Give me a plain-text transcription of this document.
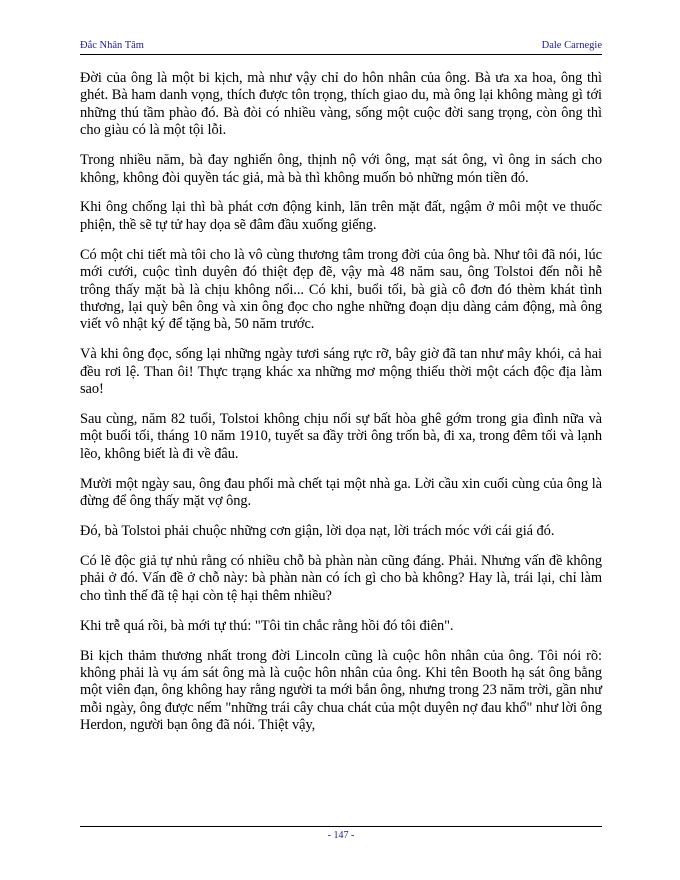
Đắc Nhân Tâm	Dale Carnegie

Đời của ông là một bi kịch, mà như vậy chỉ do hôn nhân của ông. Bà ưa xa hoa, ông thì ghét. Bà ham danh vọng, thích được tôn trọng, thích giao du, mà ông lại không màng gì tới những thú tầm phào đó. Bà đòi có nhiều vàng, sống một cuộc đời sang trọng, còn ông thì cho giàu có là một tội lỗi.

Trong nhiều năm, bà đay nghiến ông, thịnh nộ với ông, mạt sát ông, vì ông in sách cho không, không đòi quyền tác giả, mà bà thì không muốn bỏ những món tiền đó.

Khi ông chống lại thì bà phát cơn động kinh, lăn trên mặt đất, ngậm ở môi một ve thuốc phiện, thề sẽ tự tử hay dọa sẽ đâm đầu xuống giếng.

Có một chi tiết mà tôi cho là vô cùng thương tâm trong đời của ông bà. Như tôi đã nói, lúc mới cưới, cuộc tình duyên đó thiệt đẹp đẽ, vậy mà 48 năm sau, ông Tolstoi đến nỗi hễ trông thấy mặt bà là chịu không nổi... Có khi, buổi tối, bà già cô đơn đó thèm khát tình thương, lại quỳ bên ông và xin ông đọc cho nghe những đoạn dịu dàng cảm động, mà ông viết vô nhật ký để tặng bà, 50 năm trước.

Và khi ông đọc, sống lại những ngày tươi sáng rực rỡ, bây giờ đã tan như mây khói, cả hai đều rơi lệ. Than ôi! Thực trạng khác xa những mơ mộng thiếu thời một cách độc địa làm sao!

Sau cùng, năm 82 tuổi, Tolstoi không chịu nổi sự bất hòa ghê gớm trong gia đình nữa và một buổi tối, tháng 10 năm 1910, tuyết sa đầy trời ông trốn bà, đi xa, trong đêm tối và lạnh lẽo, không biết là đi về đâu.

Mười một ngày sau, ông đau phổi mà chết tại một nhà ga. Lời cầu xin cuối cùng của ông là đừng để ông thấy mặt vợ ông.

Đó, bà Tolstoi phải chuộc những cơn giận, lời dọa nạt, lời trách móc với cái giá đó.

Có lẽ độc giả tự nhủ rằng có nhiều chỗ bà phàn nàn cũng đáng. Phải. Nhưng vấn đề không phải ở đó. Vấn đề ở chỗ này: bà phàn nàn có ích gì cho bà không? Hay là, trái lại, chỉ làm cho tình thế đã tệ hại còn tệ hại thêm nhiều?

Khi trễ quá rồi, bà mới tự thú: "Tôi tin chắc rằng hồi đó tôi điên".

Bi kịch thảm thương nhất trong đời Lincoln cũng là cuộc hôn nhân của ông. Tôi nói rõ: không phải là vụ ám sát ông mà là cuộc hôn nhân của ông. Khi tên Booth hạ sát ông bằng một viên đạn, ông không hay rằng người ta mới bắn ông, nhưng trong 23 năm trời, gần như mỗi ngày, ông được nếm "những trái cây chua chát của một duyên nợ đau khổ" như lời ông Herdon, người bạn ông đã nói. Thiệt vậy,

- 147 -
